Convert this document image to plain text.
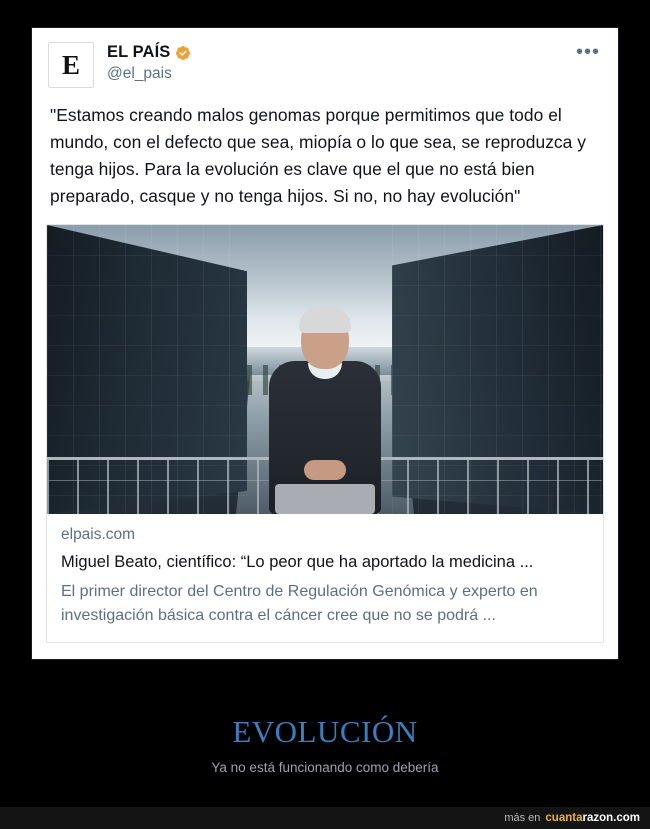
E EL PAÍS
@el_pais
•••
"Estamos creando malos genomas porque permitimos que todo el mundo, con el defecto que sea, miopía o lo que sea, se reproduzca y tenga hijos. Para la evolución es clave que el que no está bien preparado, casque y no tenga hijos. Si no, no hay evolución"
elpais.com
Miguel Beato, científico: “Lo peor que ha aportado la medicina ...
El primer director del Centro de Regulación Genómica y experto en investigación básica contra el cáncer cree que no se podrá ...
EVOLUCIÓN
Ya no está funcionando como debería
más en cuantarazon.com
